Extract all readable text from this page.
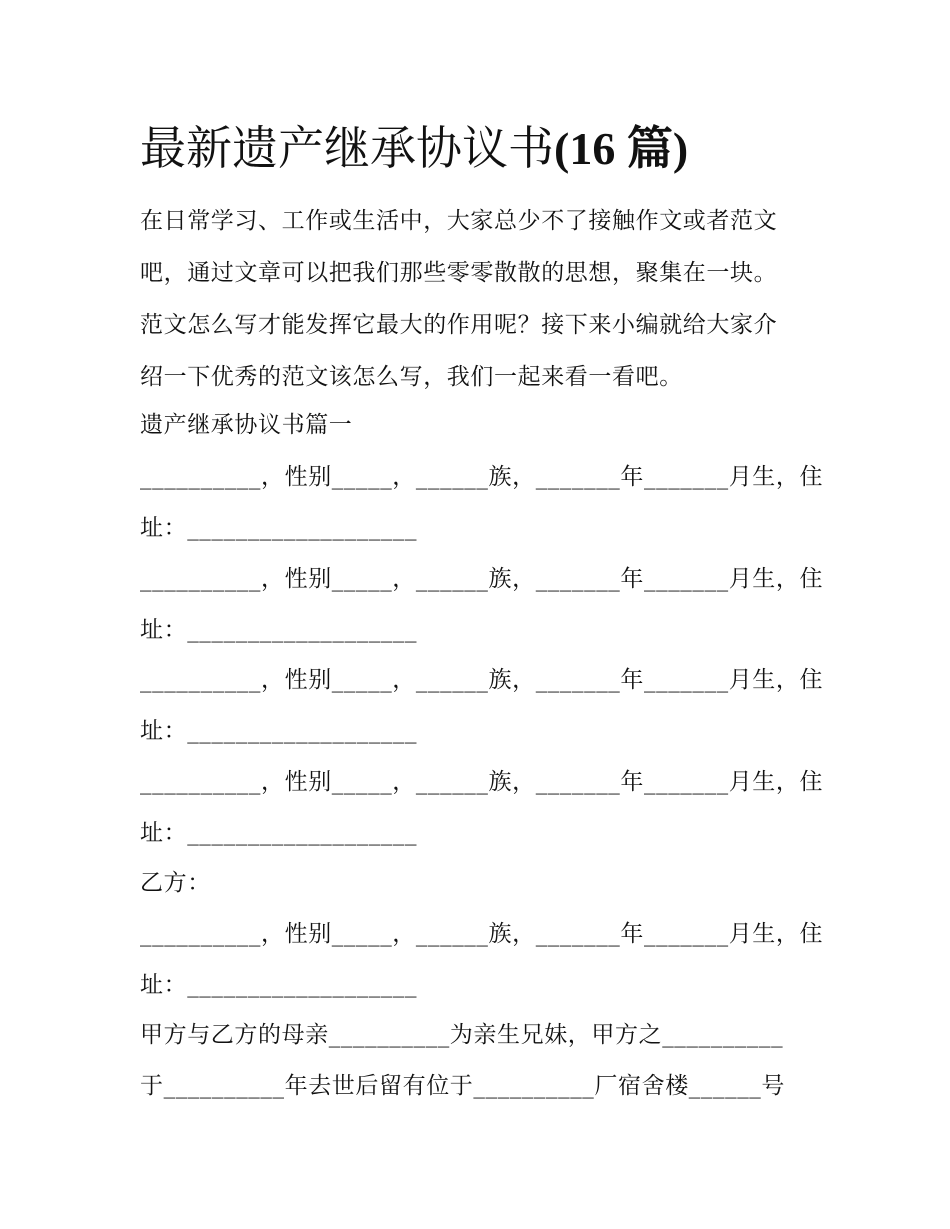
最新遗产继承协议书(16 篇)
在日常学习、工作或生活中，大家总少不了接触作文或者范文
吧，通过文章可以把我们那些零零散散的思想，聚集在一块。
范文怎么写才能发挥它最大的作用呢？接下来小编就给大家介
绍一下优秀的范文该怎么写，我们一起来看一看吧。
遗产继承协议书篇一
__________，性别_____，______族，_______年_______月生，住
址：___________________
__________，性别_____，______族，_______年_______月生，住
址：___________________
__________，性别_____，______族，_______年_______月生，住
址：___________________
__________，性别_____，______族，_______年_______月生，住
址：___________________
乙方：
__________，性别_____，______族，_______年_______月生，住
址：___________________
甲方与乙方的母亲__________为亲生兄妹，甲方之__________
于__________年去世后留有位于__________厂宿舍楼______号
